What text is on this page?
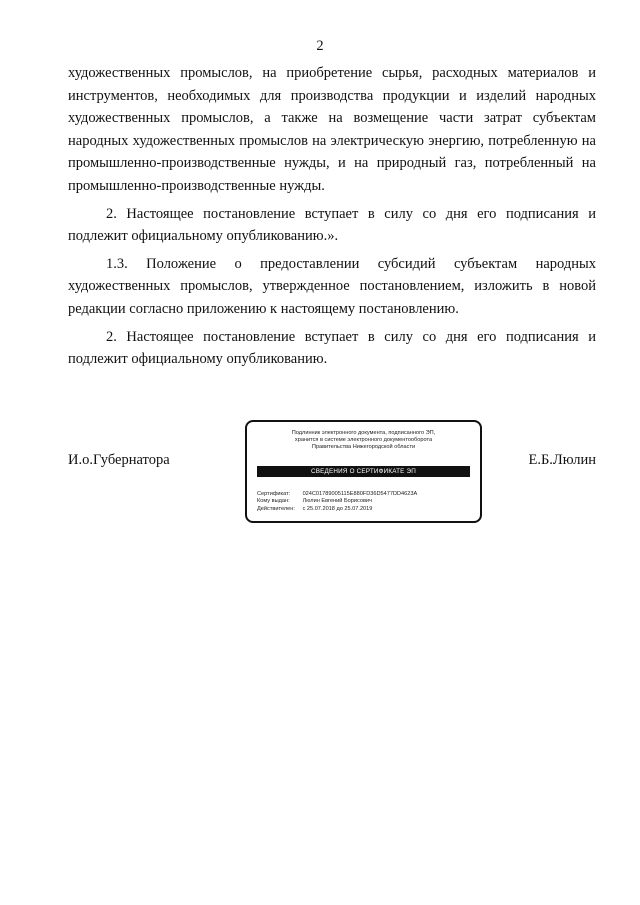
2

художественных промыслов, на приобретение сырья, расходных материалов и инструментов, необходимых для производства продукции и изделий народных художественных промыслов, а также на возмещение части затрат субъектам народных художественных промыслов на электрическую энергию, потребленную на промышленно-производственные нужды, и на природный газ, потребленный на промышленно-производственные нужды.

2. Настоящее постановление вступает в силу со дня его подписания и подлежит официальному опубликованию.».

1.3. Положение о предоставлении субсидий субъектам народных художественных промыслов, утвержденное постановлением, изложить в новой редакции согласно приложению к настоящему постановлению.

2. Настоящее постановление вступает в силу со дня его подписания и подлежит официальному опубликованию.

И.о.Губернатора
Подлинник электронного документа, подписанного ЭП,
хранится в системе электронного документооборота
Правительства Нижегородской области
СВЕДЕНИЯ О СЕРТИФИКАТЕ ЭП
Сертификат: 024C01789005115E880FD36D5477DD4623A
Кому выдан: Люлин Евгений Борисович
Действителен: с 25.07.2018 до 25.07.2019
Е.Б.Люлин
